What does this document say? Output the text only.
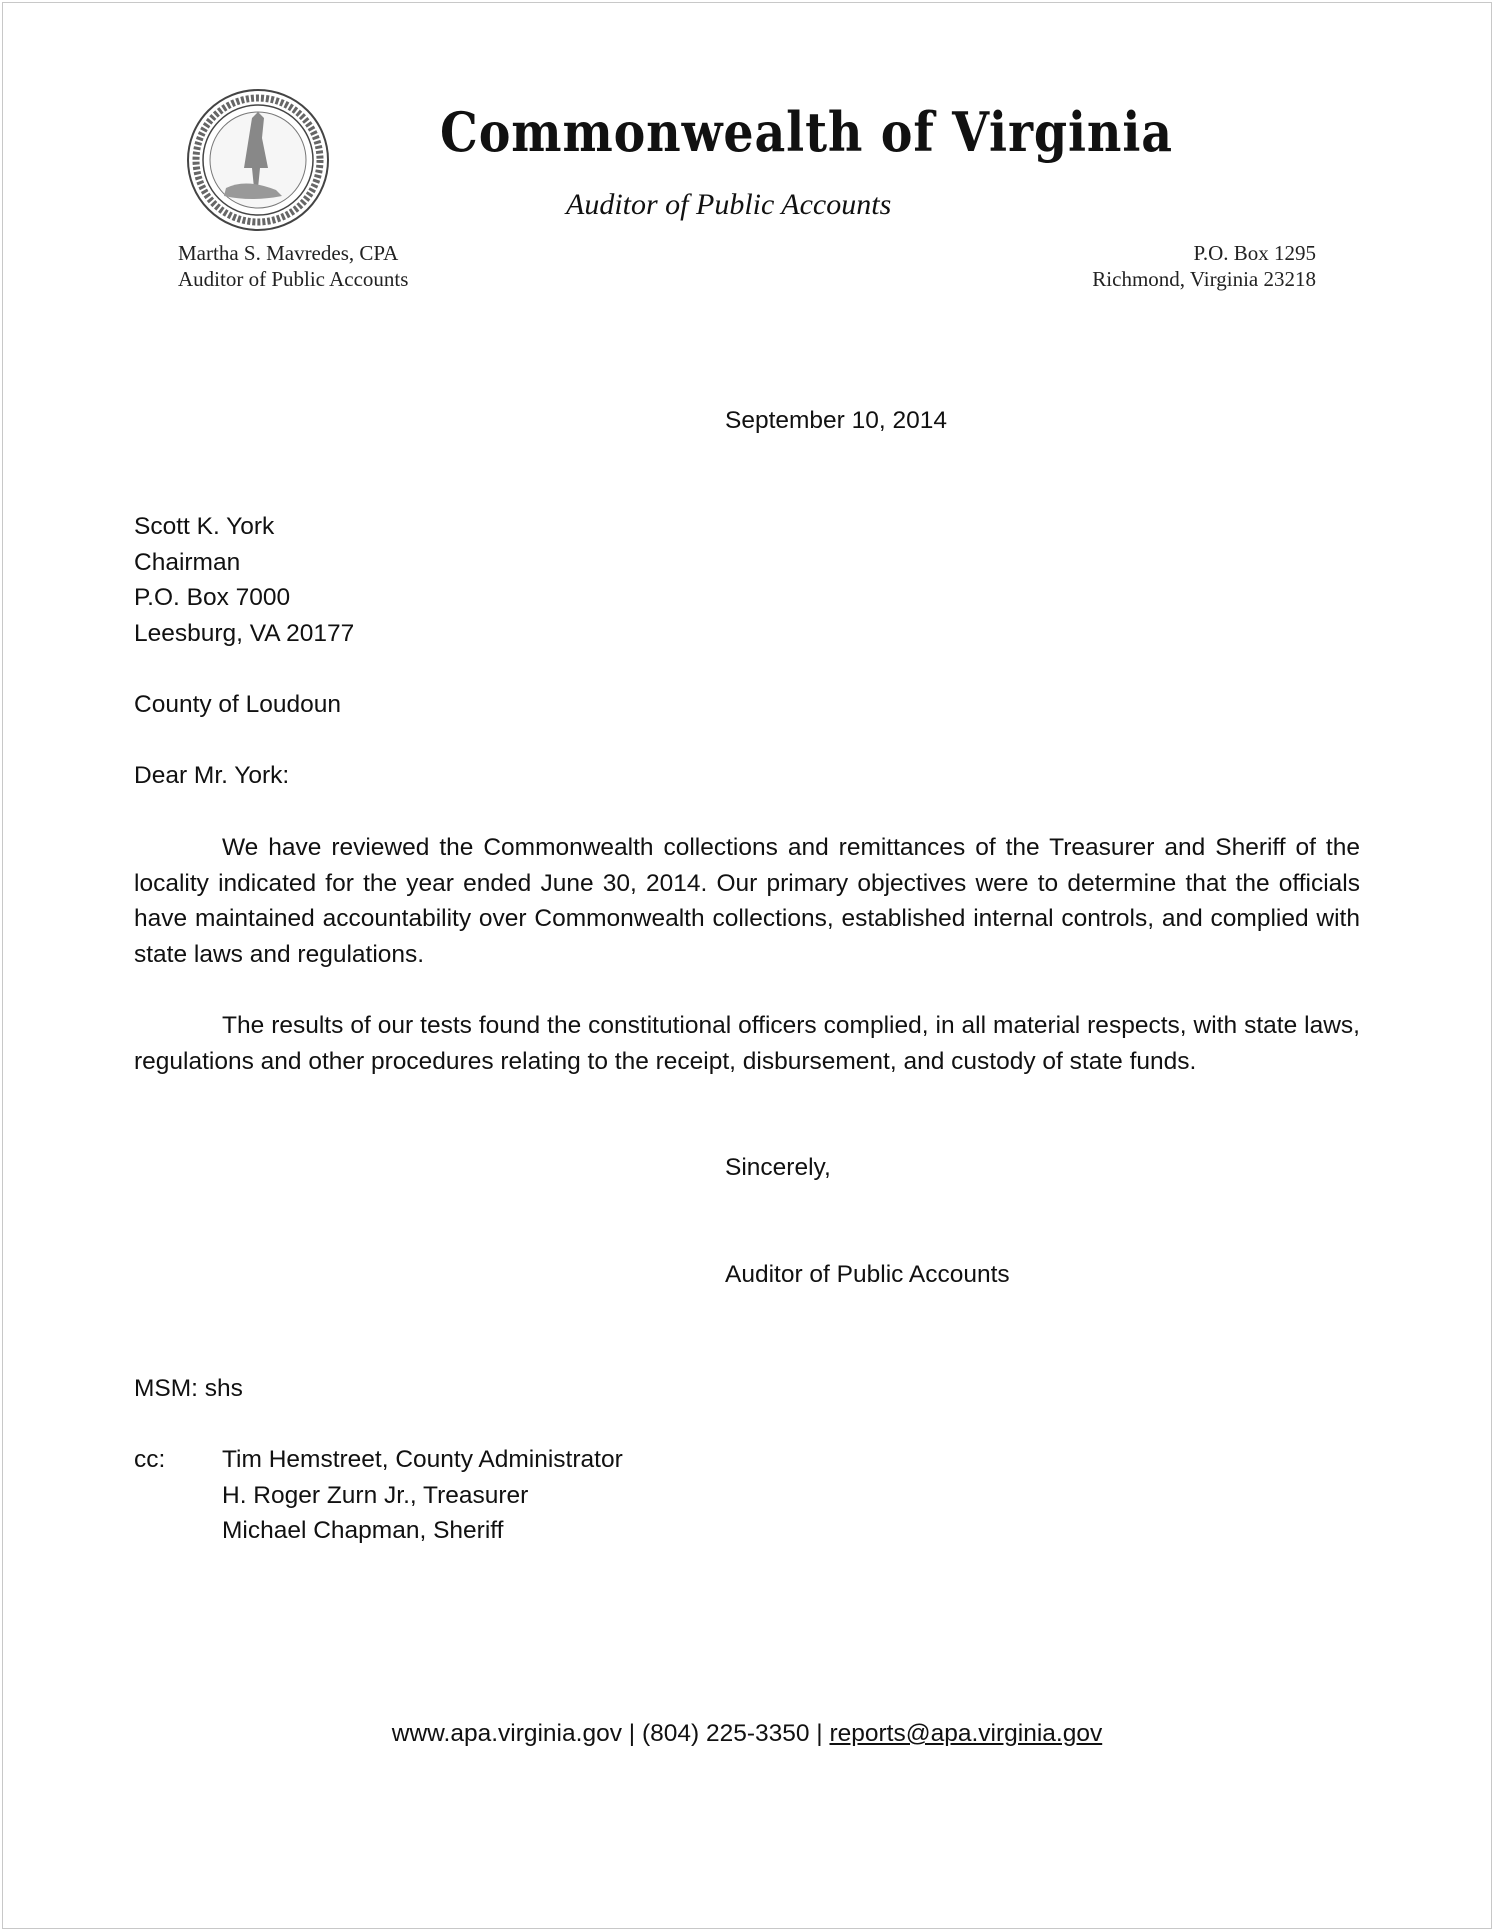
Commonwealth of Virginia
Auditor of Public Accounts
Martha S. Mavredes, CPA
Auditor of Public Accounts
P.O. Box 1295
Richmond, Virginia 23218
September 10, 2014
Scott K. York
Chairman
P.O. Box 7000
Leesburg, VA 20177
County of Loudoun
Dear Mr. York:
We have reviewed the Commonwealth collections and remittances of the Treasurer and Sheriff of the locality indicated for the year ended June 30, 2014. Our primary objectives were to determine that the officials have maintained accountability over Commonwealth collections, established internal controls, and complied with state laws and regulations.
The results of our tests found the constitutional officers complied, in all material respects, with state laws, regulations and other procedures relating to the receipt, disbursement, and custody of state funds.
Sincerely,
Auditor of Public Accounts
MSM: shs
cc: Tim Hemstreet, County Administrator
H. Roger Zurn Jr., Treasurer
Michael Chapman, Sheriff
www.apa.virginia.gov | (804) 225-3350 | reports@apa.virginia.gov
